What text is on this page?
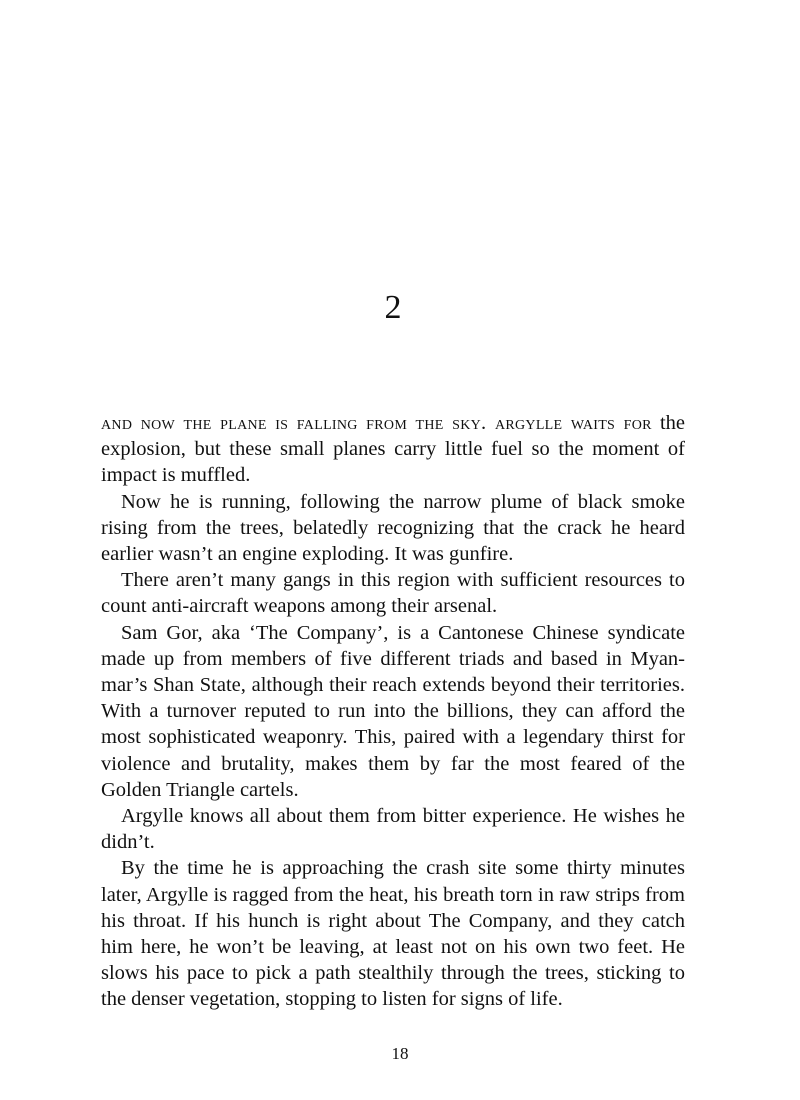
2

and now the plane is falling from the sky. argylle waits for the explosion, but these small planes carry little fuel so the moment of impact is muffled.

Now he is running, following the narrow plume of black smoke rising from the trees, belatedly recognizing that the crack he heard earlier wasn’t an engine exploding. It was gunfire.

There aren’t many gangs in this region with sufficient resources to count anti-aircraft weapons among their arsenal.

Sam Gor, aka ‘The Company’, is a Cantonese Chinese syndicate made up from members of five different triads and based in Myanmar’s Shan State, although their reach extends beyond their territories. With a turnover reputed to run into the billions, they can afford the most sophisticated weaponry. This, paired with a legendary thirst for violence and brutality, makes them by far the most feared of the Golden Triangle cartels.

Argylle knows all about them from bitter experience. He wishes he didn’t.

By the time he is approaching the crash site some thirty minutes later, Argylle is ragged from the heat, his breath torn in raw strips from his throat. If his hunch is right about The Company, and they catch him here, he won’t be leaving, at least not on his own two feet. He slows his pace to pick a path stealthily through the trees, sticking to the denser vegetation, stopping to listen for signs of life.

18
